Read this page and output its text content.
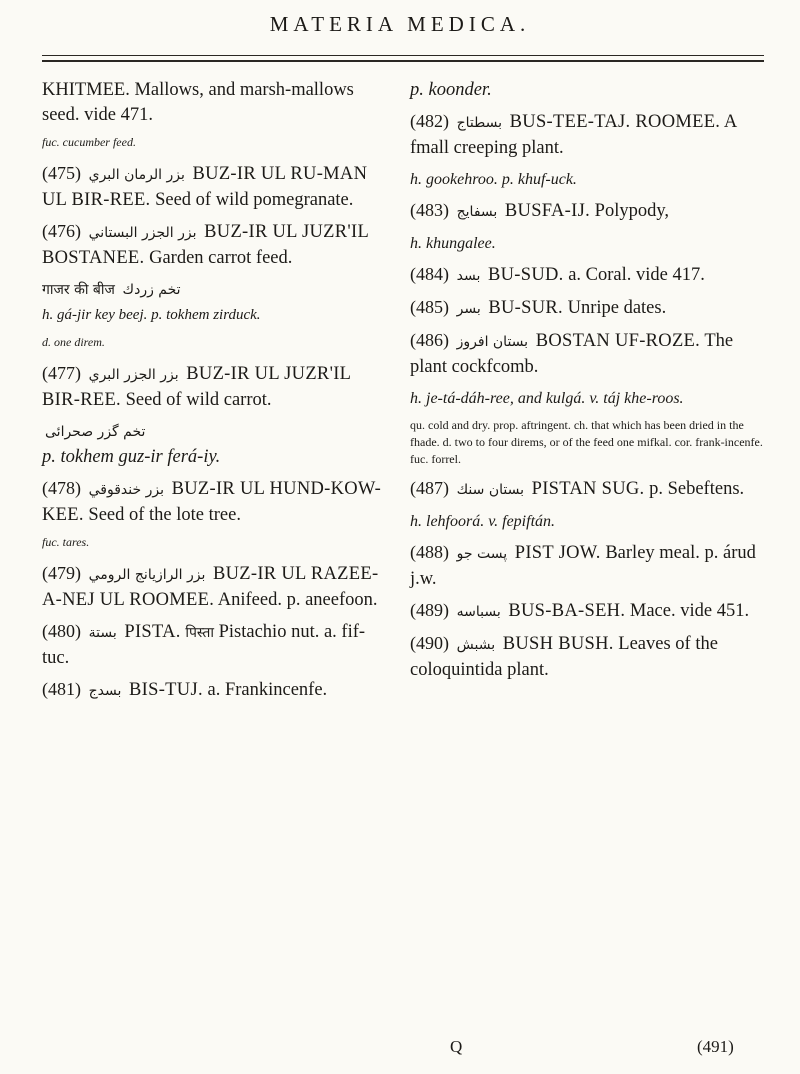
MATERIA MEDICA.
KHITMEE. Mallows, and marsh-mallows seed. vide 471.
fuc. cucumber feed.
(475) بزر الرمان البري BUZ-IR UL RU-MAN UL BIR-REE. Seed of wild pomegranate.
(476) بزر الجزر البستاني BUZ-IR UL JUZR'IL BOSTANEE. Garden carrot feed.
गाजर की बीज تخم زردك
h. gá-jir key beej. p. tokhem zirduck.
d. one direm.
(477) بزر الجزر البري BUZ-IR UL JUZR'IL BIR-REE. Seed of wild carrot.
تخم گزر صحرائی
p. tokhem guz-ir ferá-iy.
(478) بزر خندقوقي BUZ-IR UL HUND-KOW-KEE. Seed of the lote tree.
fuc. tares.
(479) بزر الرازيانج الرومي BUZ-IR UL RAZEE-A-NEJ UL ROOMEE. Anifeed. p. aneefoon.
(480) بستة PISTA. पिस्ता Pistachio nut. a. fif-tuc.
(481) بسدج BIS-TUJ. a. Frankincenfe.
p. koonder.
(482) بسطتاج BUS-TEE-TAJ. ROOMEE. A fmall creeping plant.
h. gookehroo. p. khuf-uck.
(483) بسفايج BUSFA-IJ. Polypody,
h. khungalee.
(484) بسد BU-SUD. a. Coral. vide 417.
(485) بسر BU-SUR. Unripe dates.
(486) بستان افروز BOSTAN UF-ROZE. The plant cockfcomb.
h. je-tá-dáh-ree, and kulgá. v. táj khe-roos.
qu. cold and dry. prop. aftringent. ch. that which has been dried in the fhade. d. two to four direms, or of the feed one mifkal. cor. frank-incenfe. fuc. forrel.
(487) بستان سنك PISTAN SUG. p. Sebeftens.
h. lehfoorá. v. fepiftán.
(488) پست جو PIST JOW. Barley meal. p. árud j.w.
(489) بسباسه BUS-BA-SEH. Mace. vide 451.
(490) بشبش BUSH BUSH. Leaves of the coloquintida plant.
Q	(491)
